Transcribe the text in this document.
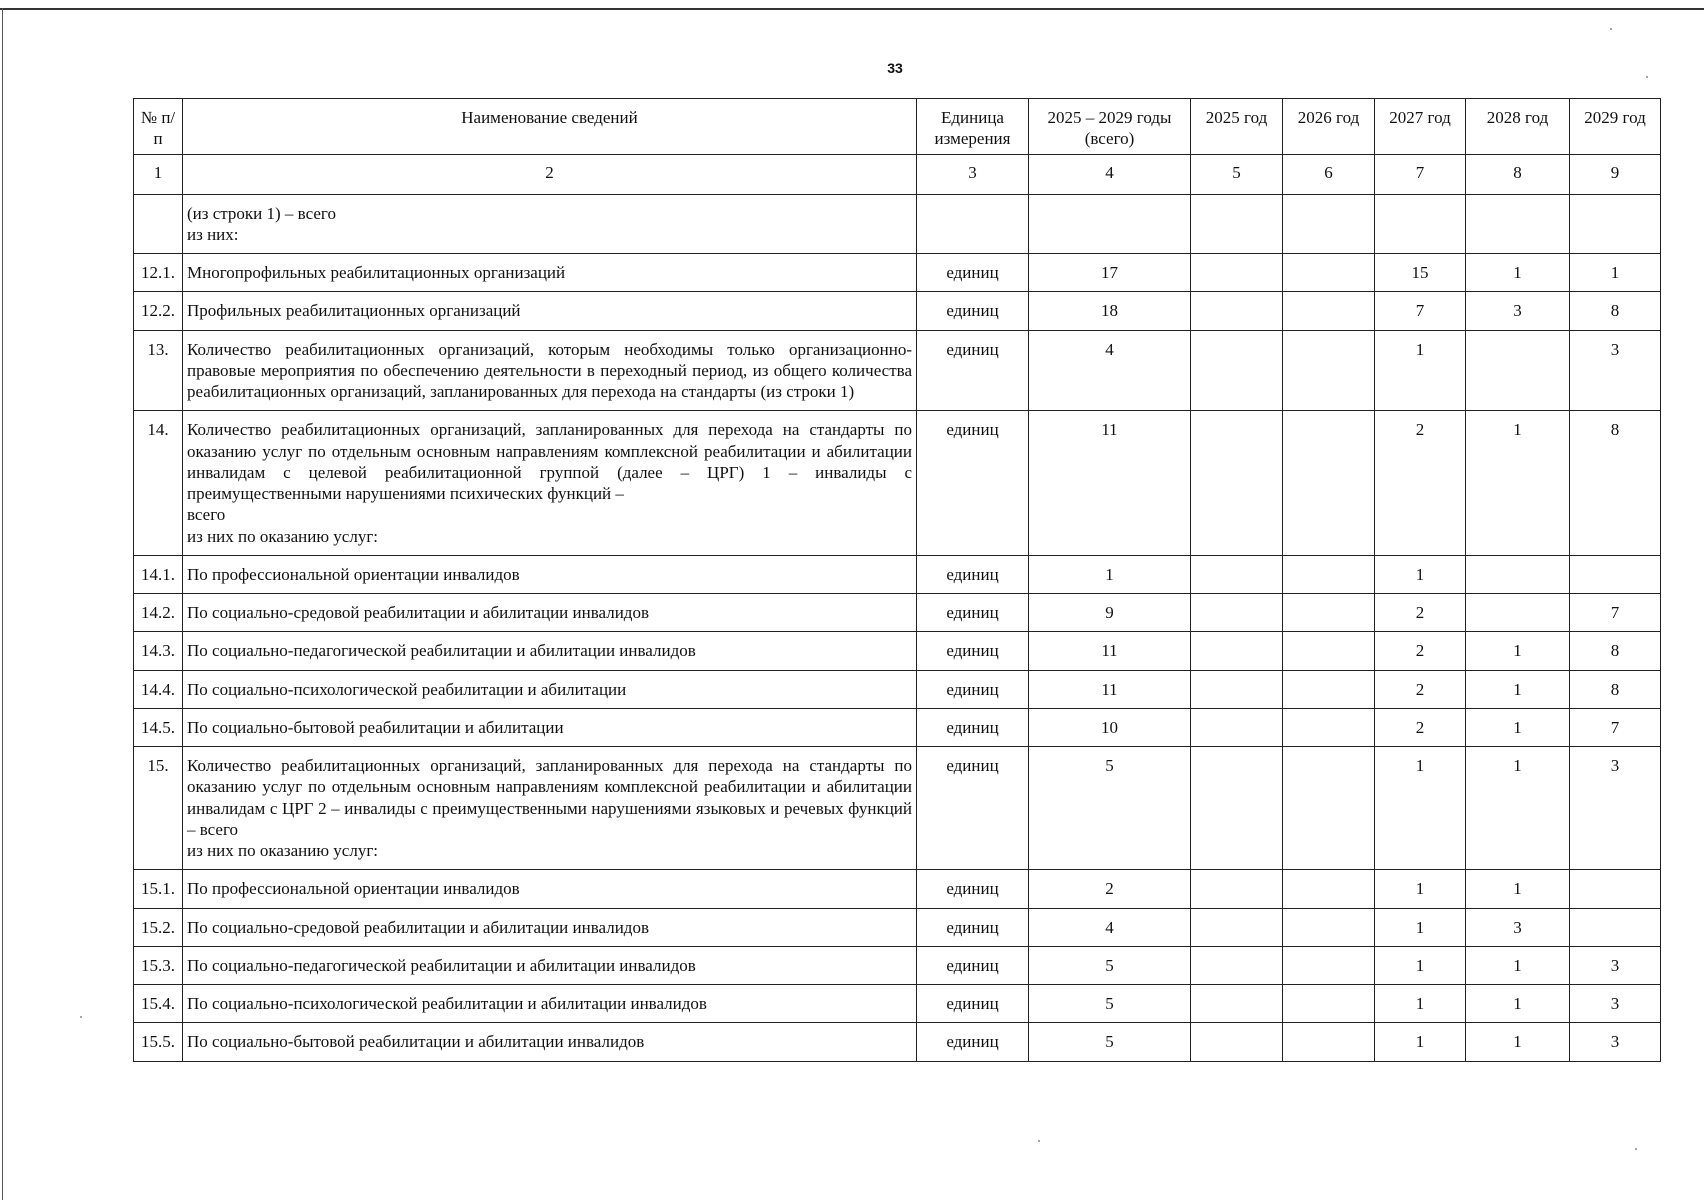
33
№ п/п	Наименование сведений	Единица измерения	2025 – 2029 годы (всего)	2025 год	2026 год	2027 год	2028 год	2029 год
1	2	3	4	5	6	7	8	9
	(из строки 1) – всего
из них:							
12.1.	Многопрофильных реабилитационных организаций	единиц	17			15	1	1
12.2.	Профильных реабилитационных организаций	единиц	18			7	3	8
13.	Количество реабилитационных организаций, которым необходимы только организационно-правовые мероприятия по обеспечению деятельности в переходный период, из общего количества реабилитационных организаций, запланированных для перехода на стандарты (из строки 1)	единиц	4			1		3
14.	Количество реабилитационных организаций, запланированных для перехода на стандарты по оказанию услуг по отдельным основным направлениям комплексной реабилитации и абилитации инвалидам с целевой реабилитационной группой (далее – ЦРГ) 1 – инвалиды с преимущественными нарушениями психических функций –
всего
из них по оказанию услуг:	единиц	11			2	1	8
14.1.	По профессиональной ориентации инвалидов	единиц	1			1		
14.2.	По социально-средовой реабилитации и абилитации инвалидов	единиц	9			2		7
14.3.	По социально-педагогической реабилитации и абилитации инвалидов	единиц	11			2	1	8
14.4.	По социально-психологической реабилитации и абилитации	единиц	11			2	1	8
14.5.	По социально-бытовой реабилитации и абилитации	единиц	10			2	1	7
15.	Количество реабилитационных организаций, запланированных для перехода на стандарты по оказанию услуг по отдельным основным направлениям комплексной реабилитации и абилитации инвалидам с ЦРГ 2 – инвалиды с преимущественными нарушениями языковых и речевых функций – всего
из них по оказанию услуг:	единиц	5			1	1	3
15.1.	По профессиональной ориентации инвалидов	единиц	2			1	1	
15.2.	По социально-средовой реабилитации и абилитации инвалидов	единиц	4			1	3	
15.3.	По социально-педагогической реабилитации и абилитации инвалидов	единиц	5			1	1	3
15.4.	По социально-психологической реабилитации и абилитации инвалидов	единиц	5			1	1	3
15.5.	По социально-бытовой реабилитации и абилитации инвалидов	единиц	5			1	1	3
